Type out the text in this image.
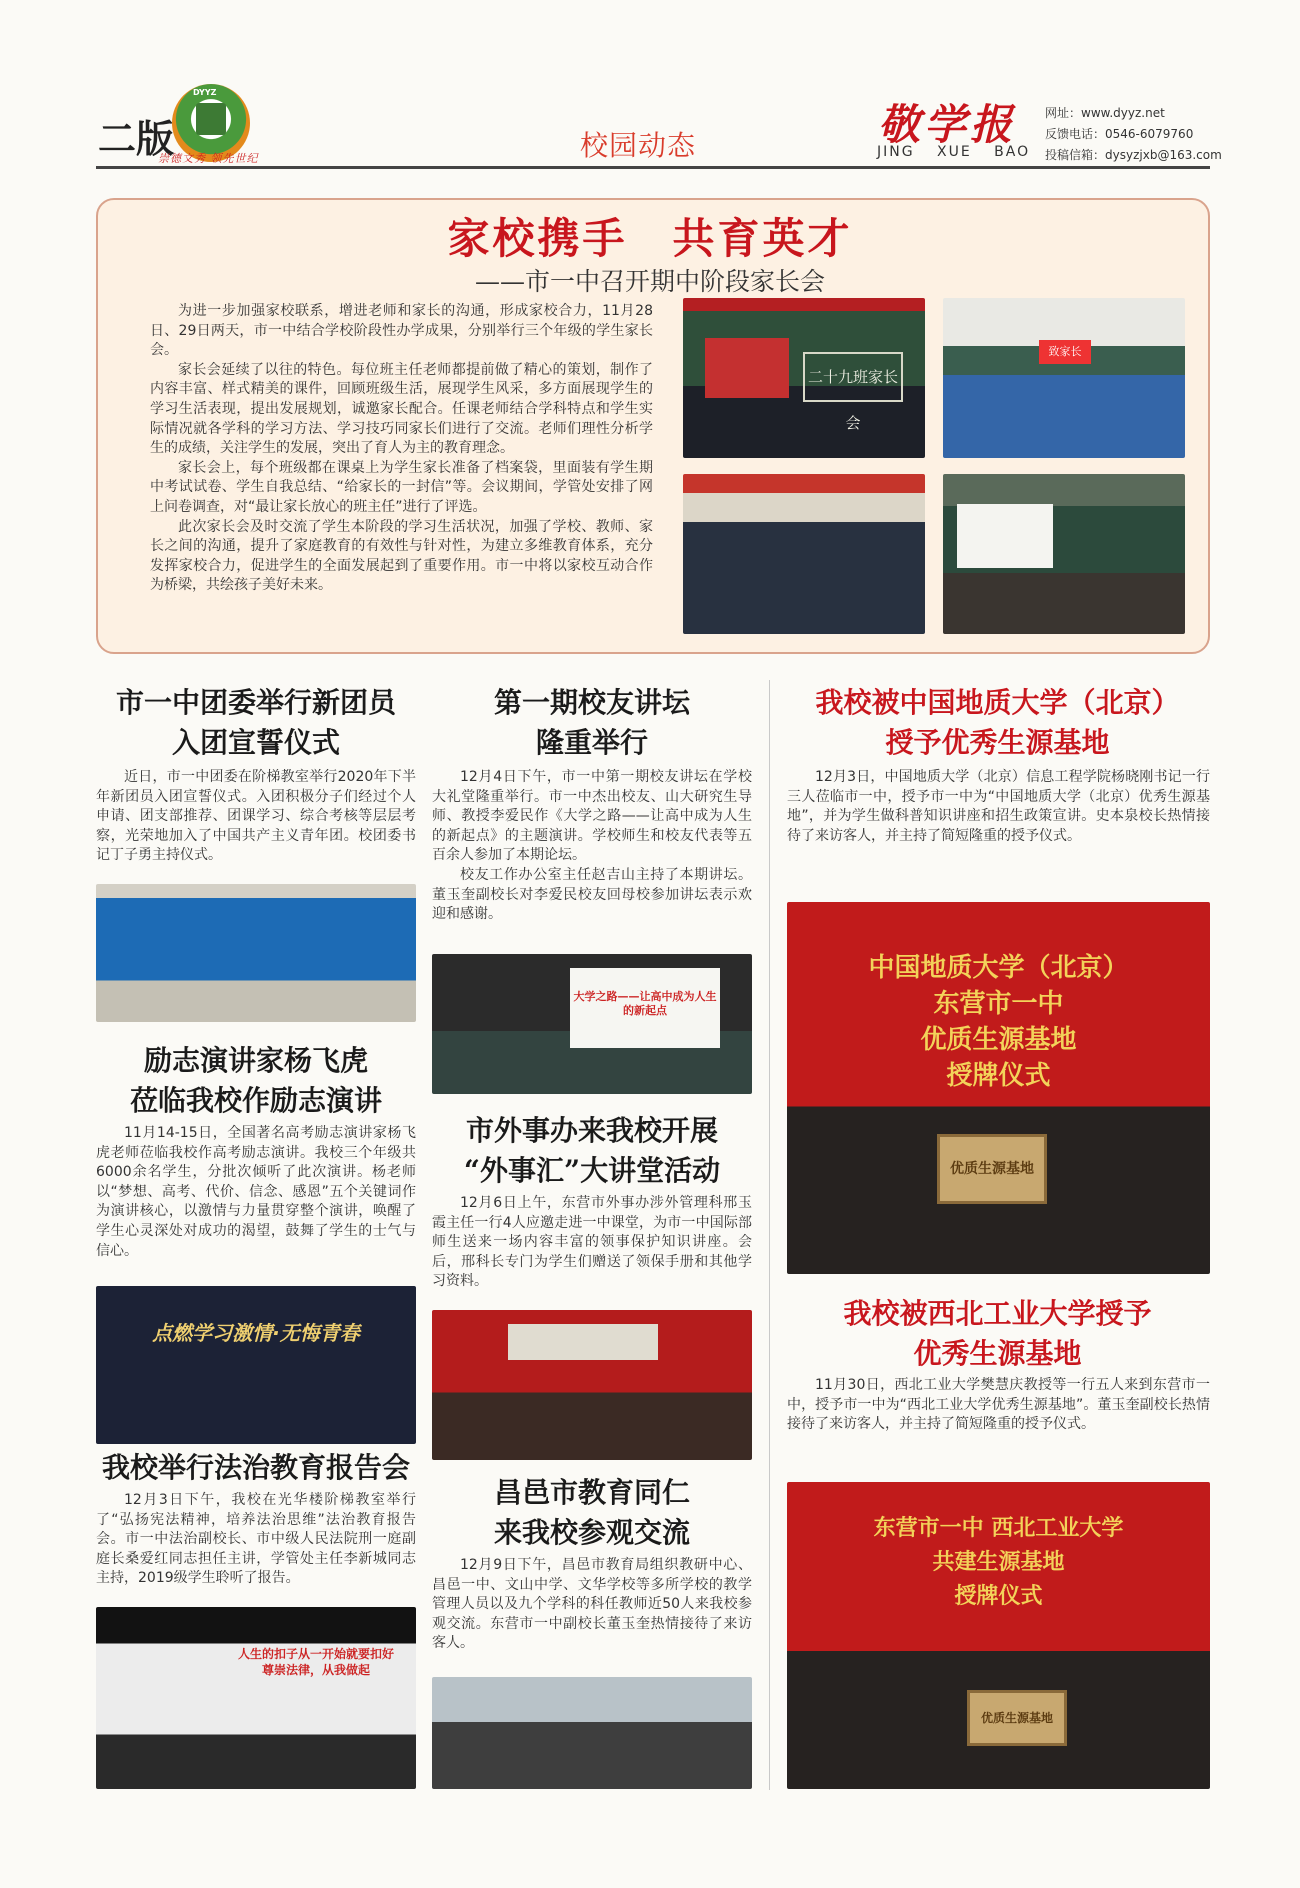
二版
DYYZ
崇德文秀 领先世纪	校园动态	敬学报
JING XUE BAO
网址：www.dyyz.net
反馈电话：0546-6079760
投稿信箱：dysyzjxb@163.com
家校携手　共育英才
——市一中召开期中阶段家长会

为进一步加强家校联系，增进老师和家长的沟通，形成家校合力，11月28日、29日两天，市一中结合学校阶段性办学成果，分别举行三个年级的学生家长会。

家长会延续了以往的特色。每位班主任老师都提前做了精心的策划，制作了内容丰富、样式精美的课件，回顾班级生活，展现学生风采，多方面展现学生的学习生活表现，提出发展规划，诚邀家长配合。任课老师结合学科特点和学生实际情况就各学科的学习方法、学习技巧同家长们进行了交流。老师们理性分析学生的成绩，关注学生的发展，突出了育人为主的教育理念。

家长会上，每个班级都在课桌上为学生家长准备了档案袋，里面装有学生期中考试试卷、学生自我总结、“给家长的一封信”等。会议期间，学管处安排了网上问卷调查，对“最让家长放心的班主任”进行了评选。

此次家长会及时交流了学生本阶段的学习生活状况，加强了学校、教师、家长之间的沟通，提升了家庭教育的有效性与针对性，为建立多维教育体系，充分发挥家校合力，促进学生的全面发展起到了重要作用。市一中将以家校互动合作为桥梁，共绘孩子美好未来。

二十九班家长会
致家长
市一中团委举行新团员
入团宣誓仪式

近日，市一中团委在阶梯教室举行2020年下半年新团员入团宣誓仪式。入团积极分子们经过个人申请、团支部推荐、团课学习、综合考核等层层考察，光荣地加入了中国共产主义青年团。校团委书记丁子勇主持仪式。

励志演讲家杨飞虎
莅临我校作励志演讲

11月14-15日，全国著名高考励志演讲家杨飞虎老师莅临我校作高考励志演讲。我校三个年级共6000余名学生，分批次倾听了此次演讲。杨老师以“梦想、高考、代价、信念、感恩”五个关键词作为演讲核心，以激情与力量贯穿整个演讲，唤醒了学生心灵深处对成功的渴望，鼓舞了学生的士气与信心。

点燃学习激情·无悔青春
我校举行法治教育报告会

12月3日下午，我校在光华楼阶梯教室举行了“弘扬宪法精神，培养法治思维”法治教育报告会。市一中法治副校长、市中级人民法院刑一庭副庭长桑爱红同志担任主讲，学管处主任李新城同志主持，2019级学生聆听了报告。

人生的扣子从一开始就要扣好 尊崇法律，从我做起
第一期校友讲坛
隆重举行

12月4日下午，市一中第一期校友讲坛在学校大礼堂隆重举行。市一中杰出校友、山大研究生导师、教授李爱民作《大学之路——让高中成为人生的新起点》的主题演讲。学校师生和校友代表等五百余人参加了本期论坛。

校友工作办公室主任赵吉山主持了本期讲坛。董玉奎副校长对李爱民校友回母校参加讲坛表示欢迎和感谢。

大学之路——让高中成为人生的新起点
市外事办来我校开展
“外事汇”大讲堂活动

12月6日上午，东营市外事办涉外管理科邢玉霞主任一行4人应邀走进一中课堂，为市一中国际部师生送来一场内容丰富的领事保护知识讲座。会后，邢科长专门为学生们赠送了领保手册和其他学习资料。

昌邑市教育同仁
来我校参观交流

12月9日下午，昌邑市教育局组织教研中心、昌邑一中、文山中学、文华学校等多所学校的教学管理人员以及九个学科的科任教师近50人来我校参观交流。东营市一中副校长董玉奎热情接待了来访客人。

我校被中国地质大学（北京）
授予优秀生源基地

12月3日，中国地质大学（北京）信息工程学院杨晓刚书记一行三人莅临市一中，授予市一中为“中国地质大学（北京）优秀生源基地”，并为学生做科普知识讲座和招生政策宣讲。史本泉校长热情接待了来访客人，并主持了简短隆重的授予仪式。

中国地质大学（北京）
东营市一中
优质生源基地
授牌仪式
优质生源基地
我校被西北工业大学授予
优秀生源基地

11月30日，西北工业大学樊慧庆教授等一行五人来到东营市一中，授予市一中为“西北工业大学优秀生源基地”。董玉奎副校长热情接待了来访客人，并主持了简短隆重的授予仪式。

东营市一中 西北工业大学
共建生源基地
授牌仪式
优质生源基地
